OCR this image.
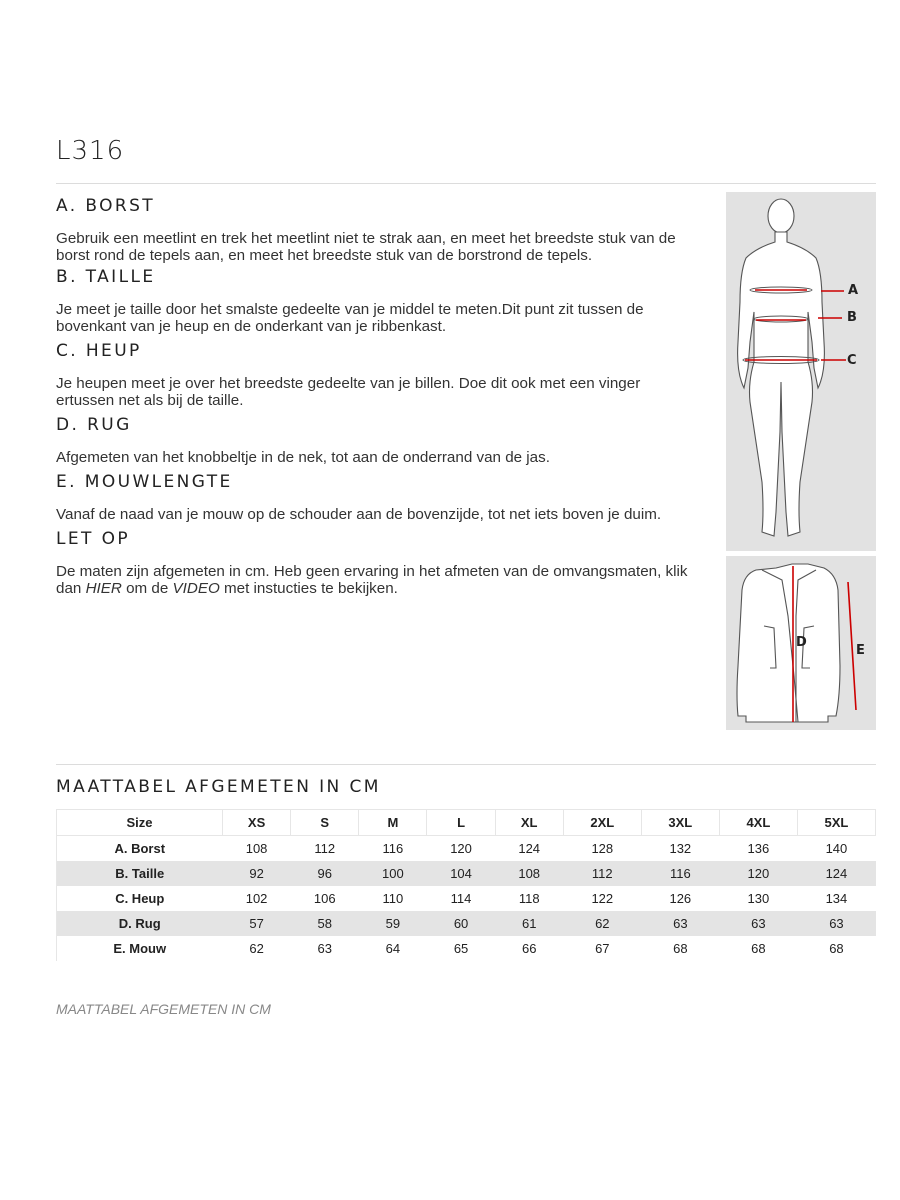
L316
A. BORST

Gebruik een meetlint en trek het meetlint niet te strak aan, en meet het breedste stuk van de borst rond de tepels aan, en meet het breedste stuk van de borstrond de tepels.

B. TAILLE

Je meet je taille door het smalste gedeelte van je middel te meten.Dit punt zit tussen de bovenkant van je heup en de onderkant van je ribbenkast.

C. HEUP

Je heupen meet je over het breedste gedeelte van je billen. Doe dit ook met een vinger ertussen net als bij de taille.

D. RUG

Afgemeten van het knobbeltje in de nek, tot aan de onderrand van de jas.

E. MOUWLENGTE

Vanaf de naad van je mouw op de schouder aan de bovenzijde, tot net iets boven je duim.

LET OP

De maten zijn afgemeten in cm. Heb geen ervaring in het afmeten van de omvangsmaten, klik dan HIER om de VIDEO met instucties te bekijken.

A
B
C
D
E
MAATTABEL AFGEMETEN IN CM
Size	XS	S	M	L	XL	2XL	3XL	4XL	5XL
A. Borst	108	112	116	120	124	128	132	136	140
B. Taille	92	96	100	104	108	112	116	120	124
C. Heup	102	106	110	114	118	122	126	130	134
D. Rug	57	58	59	60	61	62	63	63	63
E. Mouw	62	63	64	65	66	67	68	68	68

MAATTABEL AFGEMETEN IN CM
